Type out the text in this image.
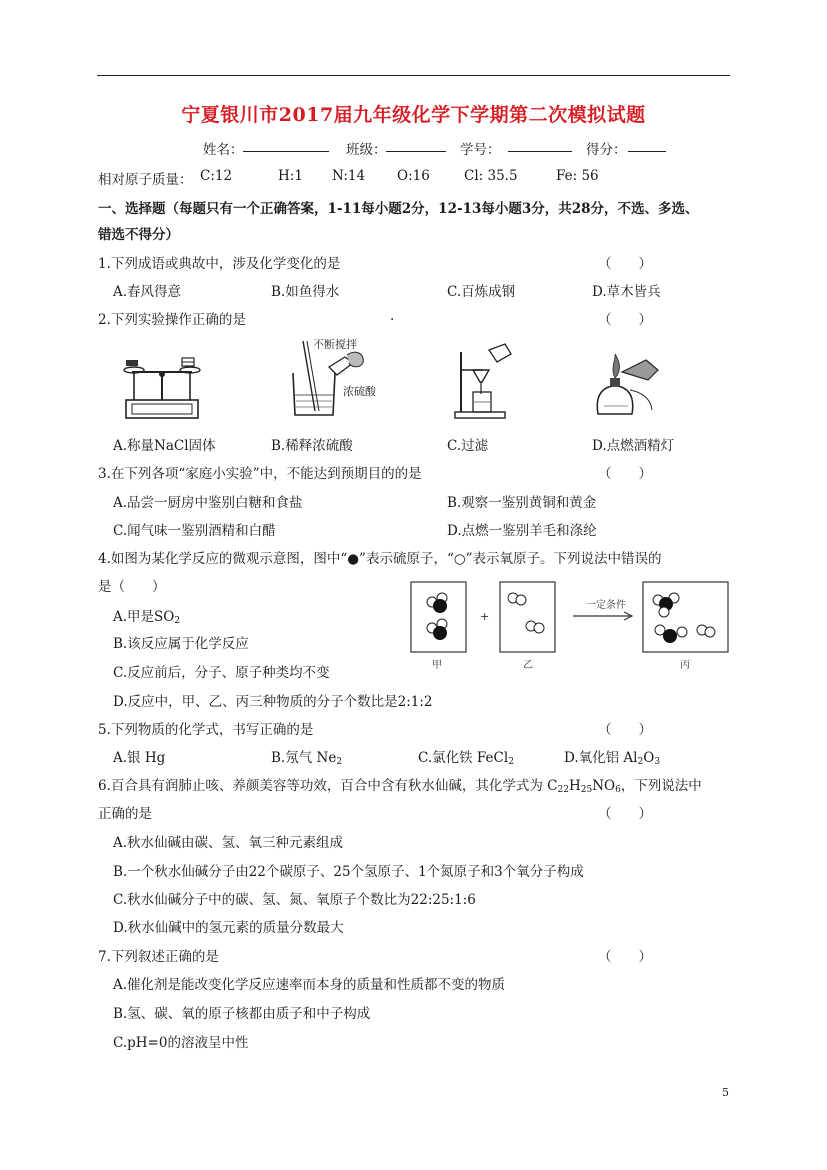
宁夏银川市2017届九年级化学下学期第二次模拟试题
姓名：	班级：	学号：	得分：
相对原子质量： C:12	H:1 N:14 O:16	Cl: 35.5	Fe: 56
一、选择题（每题只有一个正确答案，1-11每小题2分，12-13每小题3分，共28分，不选、多选、
错选不得分）
1.下列成语或典故中，涉及化学变化的是	（　　）
A.春风得意	B.如鱼得水	C.百炼成钢	D.草木皆兵
2.下列实验操作正确的是	.	（　　）
不断搅拌
浓硫酸
A.称量NaCl固体	B.稀释浓硫酸	C.过滤	D.点燃酒精灯
3.在下列各项“家庭小实验”中，不能达到预期目的的是	（　　）
A.品尝一厨房中鉴别白糖和食盐	B.观察一鉴别黄铜和黄金
C.闻气味一鉴别酒精和白醋	D.点燃一鉴别羊毛和涤纶
4.如图为某化学反应的微观示意图，图中“●”表示硫原子，“○”表示氧原子。下列说法中错误的
是（　　）
A.甲是$SO_2$
B.该反应属于化学反应
C.反应前后，分子、原子种类均不变
D.反应中，甲、乙、丙三种物质的分子个数比是2:1:2
+
一定条件
甲	乙	丙
5.下列物质的化学式，书写正确的是	（　　）
A.银 Hg	B.氖气 $Ne_2$	C.氯化铁 FeCl$_2$	D.氧化铝 $Al_2O_3$
6.百合具有润肺止咳、养颜美容等功效，百合中含有秋水仙碱，其化学式为 $C_{22}H_{25}NO_6$，下列说法中
正确的是	（　　）
A.秋水仙碱由碳、氢、氧三种元素组成
B.一个秋水仙碱分子由22个碳原子、25个氢原子、1个氮原子和3个氧分子构成
C.秋水仙碱分子中的碳、氢、氮、氧原子个数比为22:25:1:6
D.秋水仙碱中的氢元素的质量分数最大
7.下列叙述正确的是	（　　）
A.催化剂是能改变化学反应速率而本身的质量和性质都不变的物质
B.氢、碳、氧的原子核都由质子和中子构成
C.pH=0的溶液呈中性
5
